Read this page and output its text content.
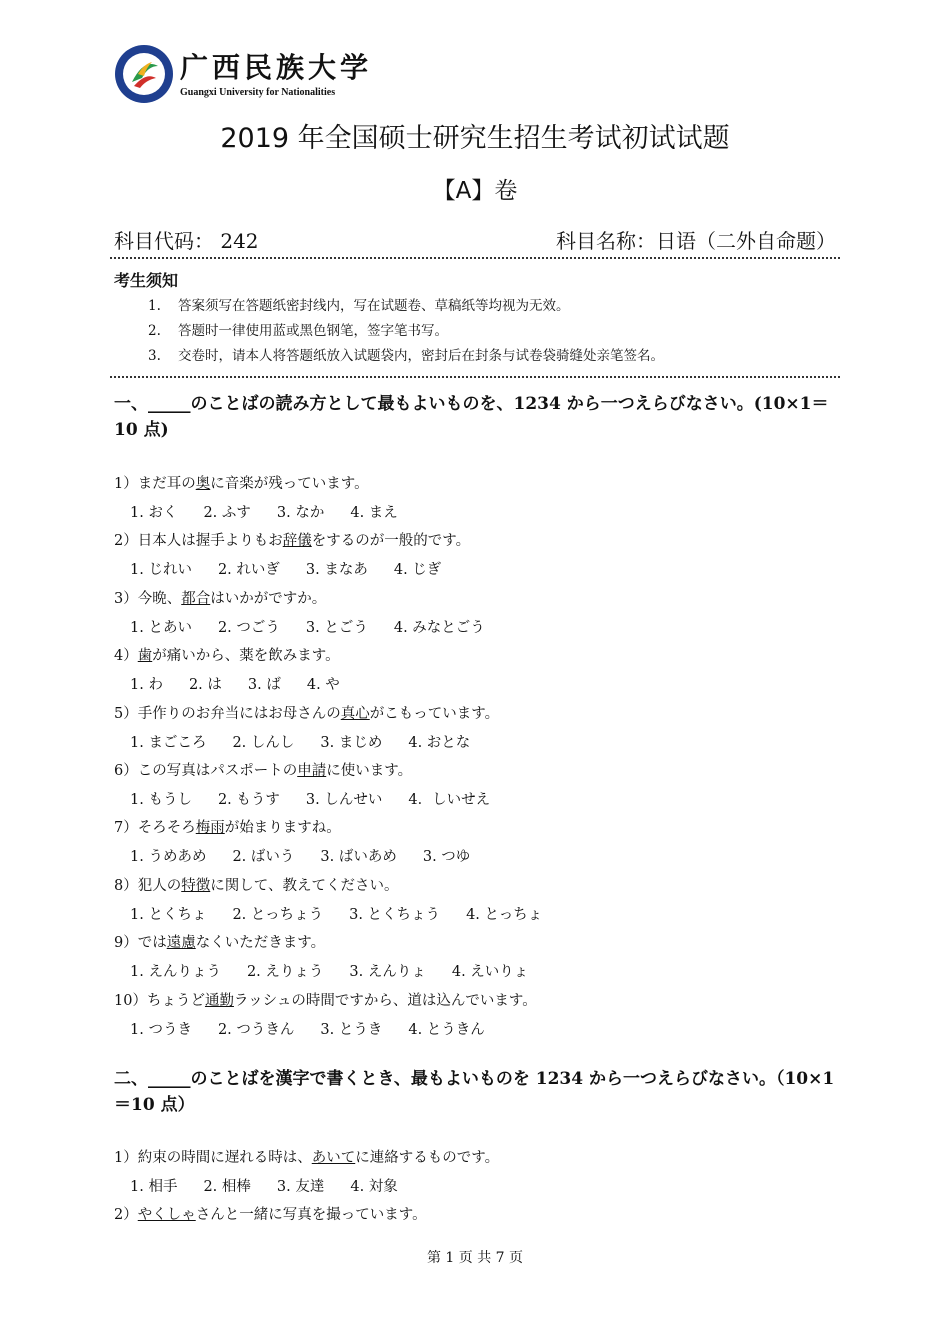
广西民族大学
Guangxi University for Nationalities
2019 年全国硕士研究生招生考试初试试题
【A】卷
科目代码： 242	科目名称：日语（二外自命题）
考生须知
1. 答案须写在答题纸密封线内，写在试题卷、草稿纸等均视为无效。
2. 答题时一律使用蓝或黑色钢笔，签字笔书写。
3. 交卷时，请本人将答题纸放入试题袋内，密封后在封条与试卷袋骑缝处亲笔签名。
一、_____のことばの読み方として最もよいものを、1234 から一つえらびなさい。(10×1＝10 点)
1）まだ耳の奥に音楽が残っています。
1. おく 2. ふす 3. なか 4. まえ
2）日本人は握手よりもお辞儀をするのが一般的です。
1. じれい 2. れいぎ 3. まなあ 4. じぎ
3）今晩、都合はいかがですか。
1. とあい 2. つごう 3. とごう 4. みなとごう
4）歯が痛いから、薬を飲みます。
1. わ 2. は 3. ば 4. や
5）手作りのお弁当にはお母さんの真心がこもっています。
1. まごころ 2. しんし 3. まじめ 4. おとな
6）この写真はパスポートの申請に使います。
1. もうし 2. もうす 3. しんせい 4．しいせえ
7）そろそろ梅雨が始まりますね。
1. うめあめ 2. ばいう 3. ばいあめ 3. つゆ
8）犯人の特徴に関して、教えてください。
1. とくちょ 2. とっちょう 3. とくちょう 4. とっちょ
9）では遠慮なくいただきます。
1. えんりょう 2. えりょう 3. えんりょ 4. えいりょ
10）ちょうど通勤ラッシュの時間ですから、道は込んでいます。
1. つうき 2. つうきん 3. とうき 4. とうきん
二、_____のことばを漢字で書くとき、最もよいものを 1234 から一つえらびなさい。（10×1＝10 点）
1）約束の時間に遅れる時は、あいてに連絡するものです。
1. 相手 2. 相棒 3. 友達 4. 対象
2）やくしゃさんと一緒に写真を撮っています。
第 1 页 共 7 页
